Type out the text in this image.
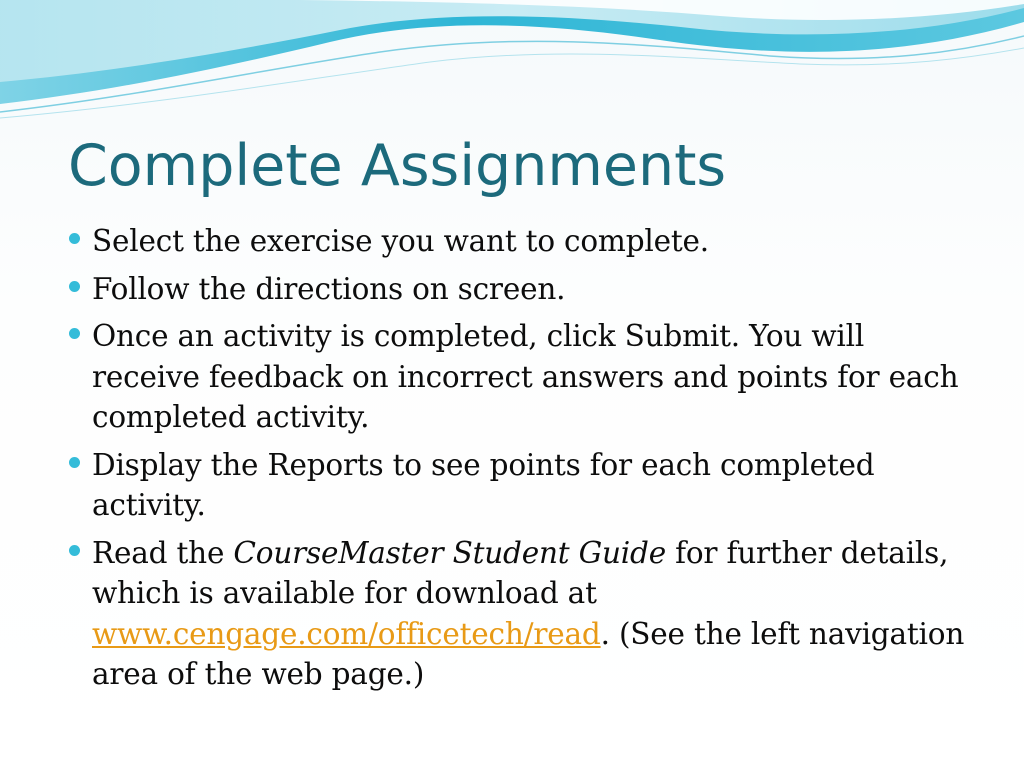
Complete Assignments
Select the exercise you want to complete.
Follow the directions on screen.
Once an activity is completed, click Submit. You will receive feedback on incorrect answers and points for each completed activity.
Display the Reports to see points for each completed activity.
Read the CourseMaster Student Guide for further details, which is available for download at www.cengage.com/officetech/read. (See the left navigation area of the web page.)
